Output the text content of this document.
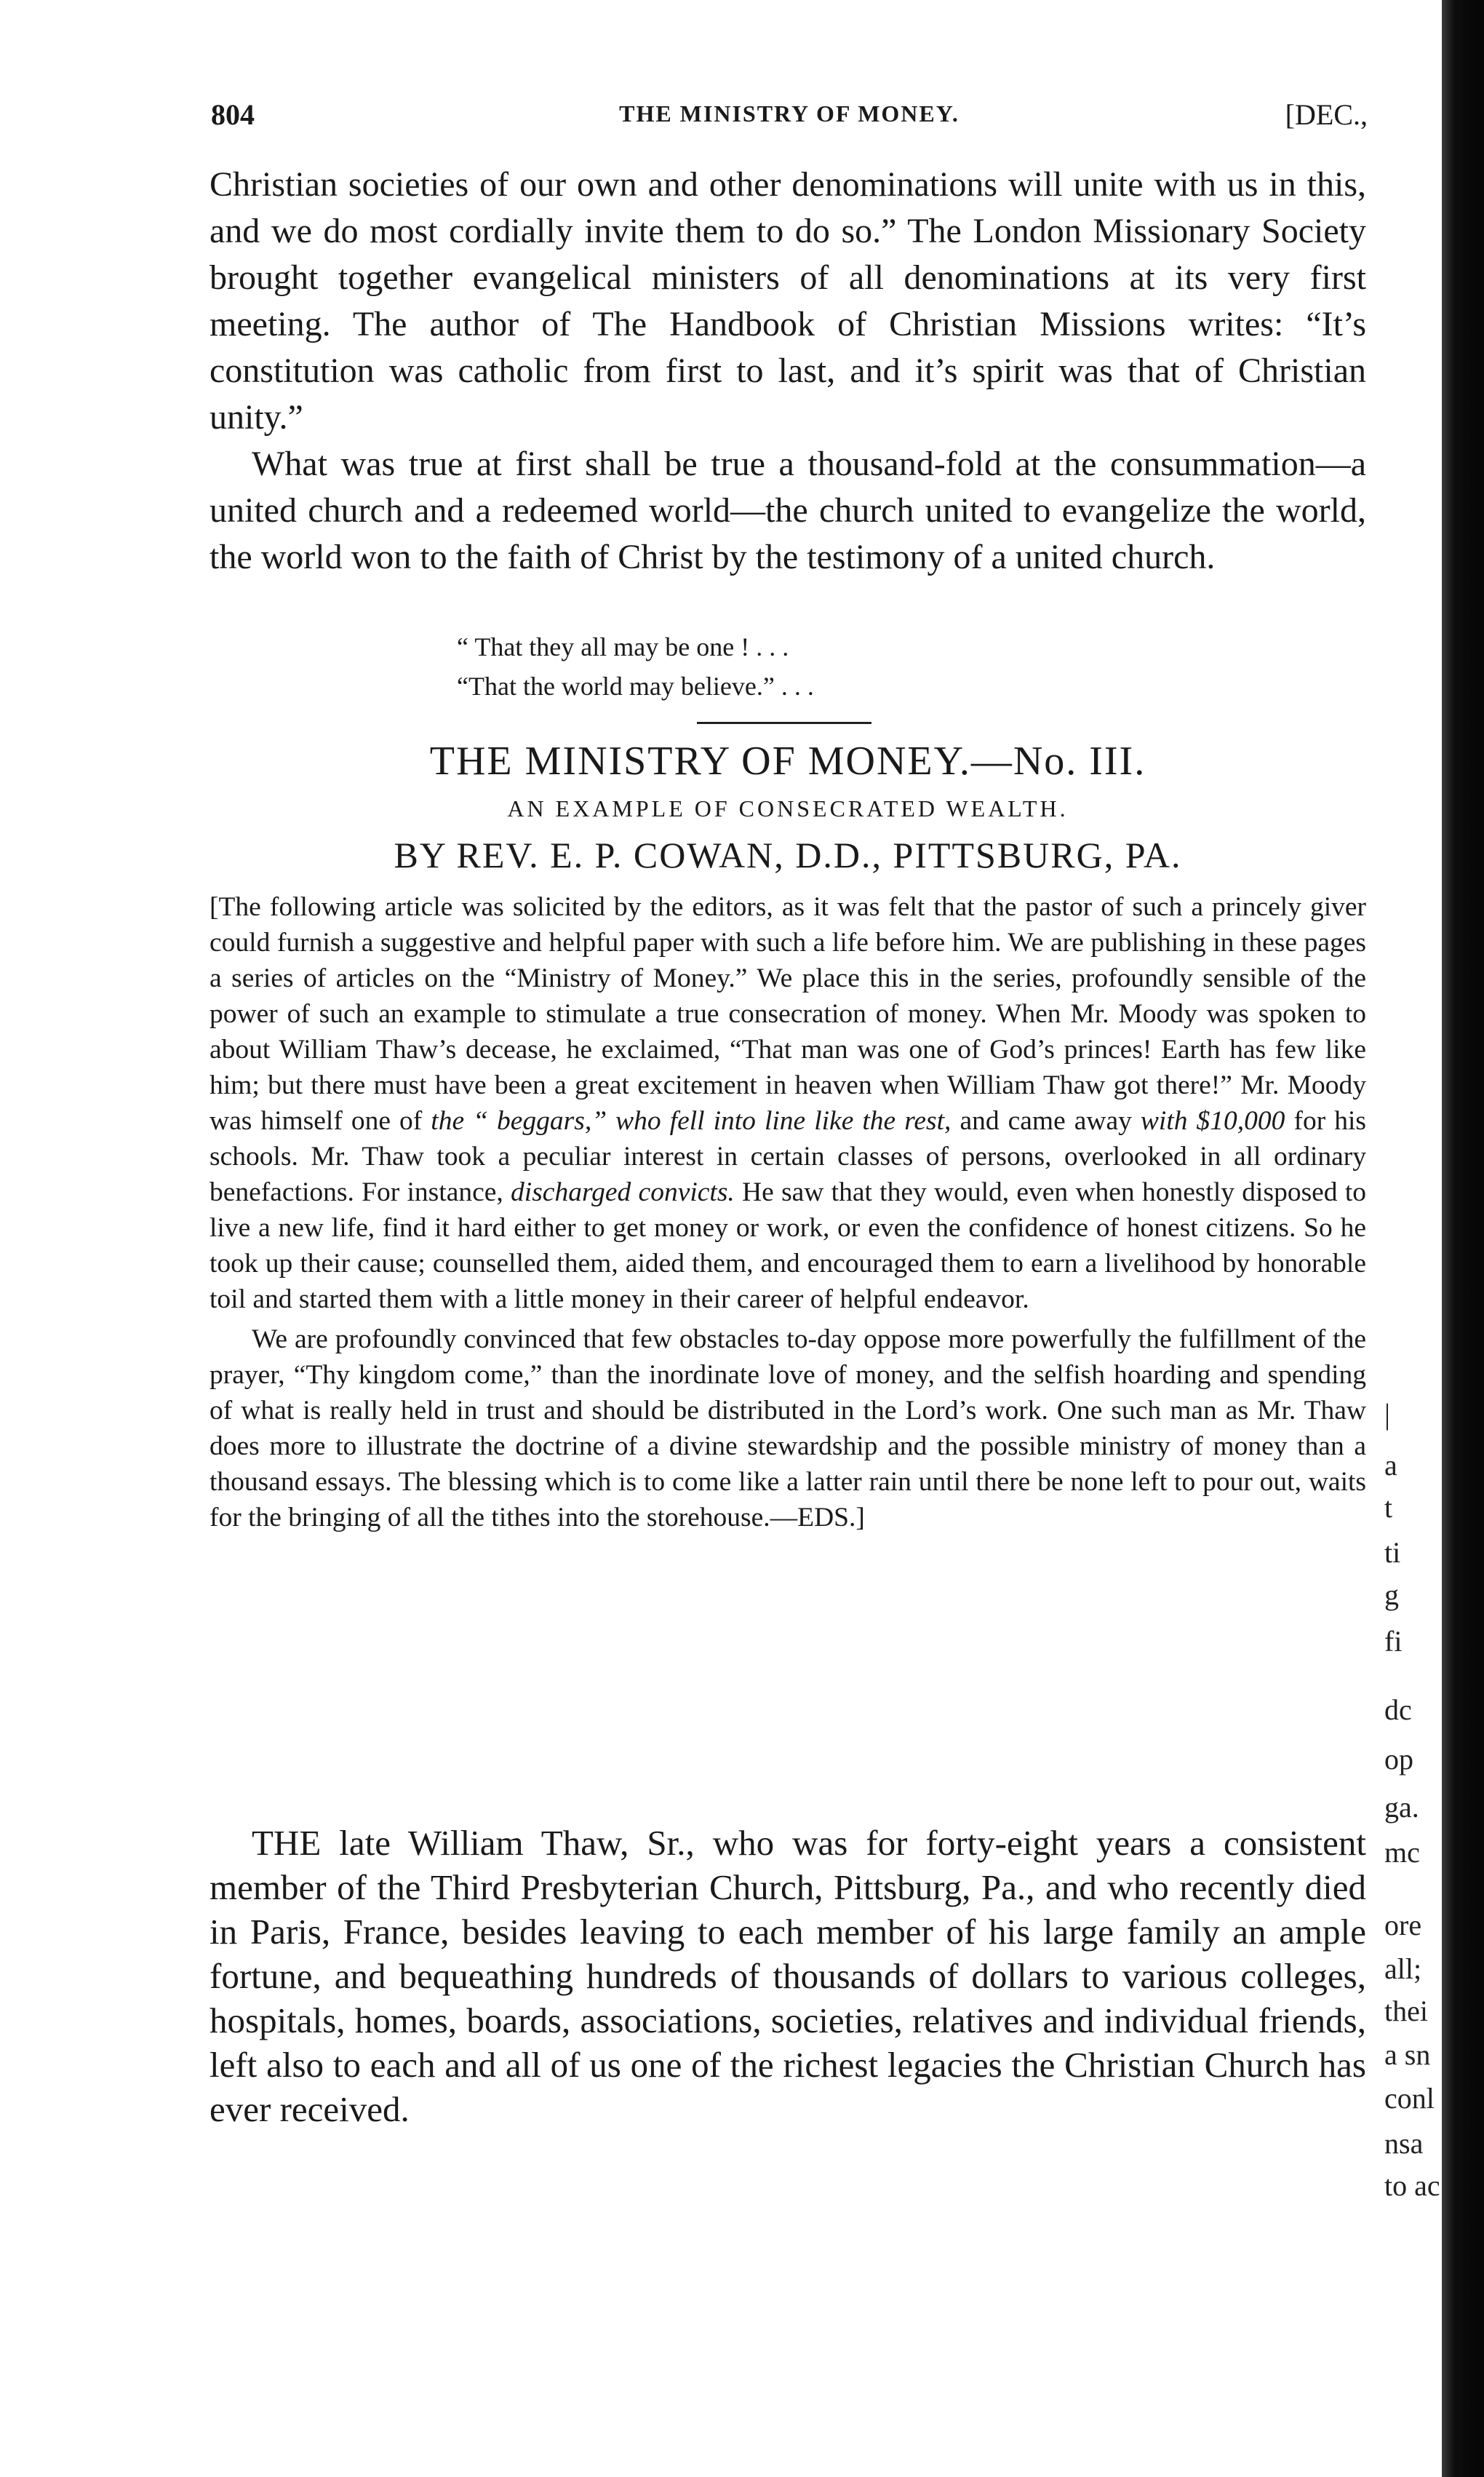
804	THE MINISTRY OF MONEY.	[DEC.,

Christian societies of our own and other denominations will unite with us in this, and we do most cordially invite them to do so.” The London Missionary Society brought together evangelical ministers of all denominations at its very first meeting. The author of The Handbook of Christian Missions writes: “It’s constitution was catholic from first to last, and it’s spirit was that of Christian unity.”

What was true at first shall be true a thousand-fold at the consummation—a united church and a redeemed world—the church united to evangelize the world, the world won to the faith of Christ by the testimony of a united church.

“ That they all may be one ! . . .
“That the world may believe.” . . .
THE MINISTRY OF MONEY.—No. III.
AN EXAMPLE OF CONSECRATED WEALTH.
BY REV. E. P. COWAN, D.D., PITTSBURG, PA.

[The following article was solicited by the editors, as it was felt that the pastor of such a princely giver could furnish a suggestive and helpful paper with such a life before him. We are publishing in these pages a series of articles on the “Ministry of Money.” We place this in the series, profoundly sensible of the power of such an example to stimulate a true consecration of money. When Mr. Moody was spoken to about William Thaw’s decease, he exclaimed, “That man was one of God’s princes! Earth has few like him; but there must have been a great excitement in heaven when William Thaw got there!” Mr. Moody was himself one of the “ beggars,” who fell into line like the rest, and came away with $10,000 for his schools. Mr. Thaw took a peculiar interest in certain classes of persons, overlooked in all ordinary benefactions. For instance, discharged convicts. He saw that they would, even when honestly disposed to live a new life, find it hard either to get money or work, or even the confidence of honest citizens. So he took up their cause; counselled them, aided them, and encouraged them to earn a livelihood by honorable toil and started them with a little money in their career of helpful endeavor.

We are profoundly convinced that few obstacles to-day oppose more powerfully the fulfillment of the prayer, “Thy kingdom come,” than the inordinate love of money, and the selfish hoarding and spending of what is really held in trust and should be distributed in the Lord’s work. One such man as Mr. Thaw does more to illustrate the doctrine of a divine stewardship and the possible ministry of money than a thousand essays. The blessing which is to come like a latter rain until there be none left to pour out, waits for the bringing of all the tithes into the storehouse.—EDS.]

THE late William Thaw, Sr., who was for forty-eight years a consistent member of the Third Presbyterian Church, Pittsburg, Pa., and who recently died in Paris, France, besides leaving to each member of his large family an ample fortune, and bequeathing hundreds of thousands of dollars to various colleges, hospitals, homes, boards, associations, societies, relatives and individual friends, left also to each and all of us one of the richest legacies the Christian Church has ever received.

|
a
t
ti
g
fi
dc
op
ga.
mc
ore
all;
thei
a sn
conl
nsa
to ac
